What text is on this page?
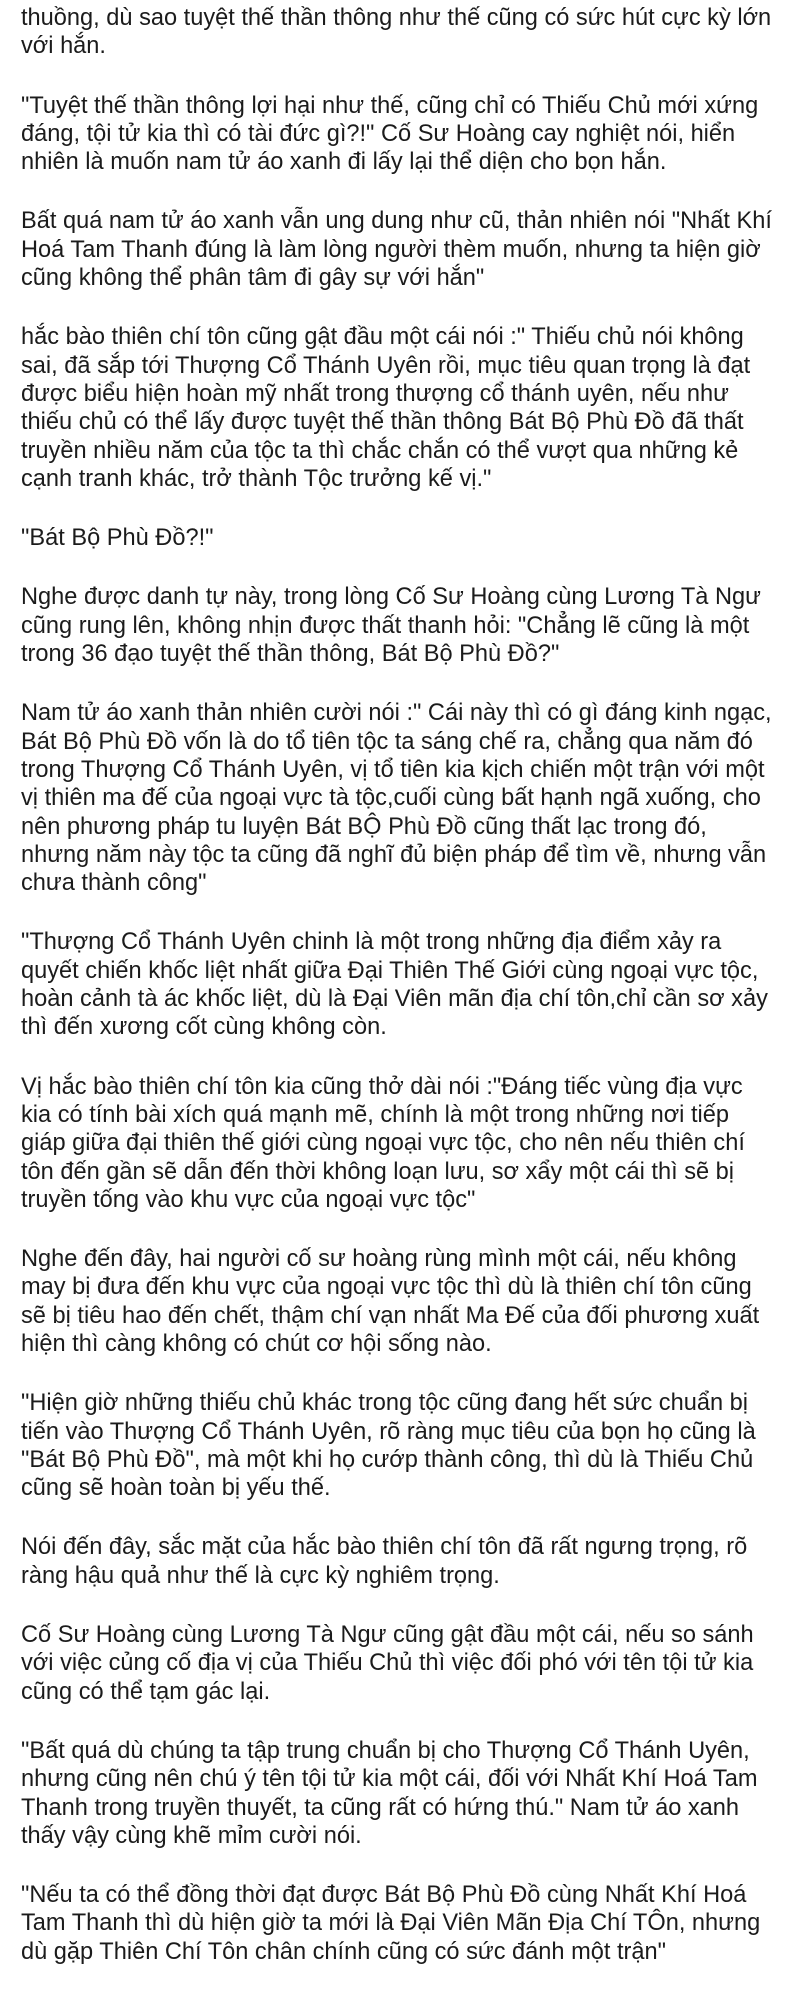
thuồng, dù sao tuyệt thế thần thông như thế cũng có sức hút cực kỳ lớn
với hắn.

"Tuyệt thế thần thông lợi hại như thế, cũng chỉ có Thiếu Chủ mới xứng
đáng, tội tử kia thì có tài đức gì?!" Cố Sư Hoàng cay nghiệt nói, hiển
nhiên là muốn nam tử áo xanh đi lấy lại thể diện cho bọn hắn.

Bất quá nam tử áo xanh vẫn ung dung như cũ, thản nhiên nói "Nhất Khí
Hoá Tam Thanh đúng là làm lòng người thèm muốn, nhưng ta hiện giờ
cũng không thể phân tâm đi gây sự với hắn"

hắc bào thiên chí tôn cũng gật đầu một cái nói :" Thiếu chủ nói không
sai, đã sắp tới Thượng Cổ Thánh Uyên rồi, mục tiêu quan trọng là đạt
được biểu hiện hoàn mỹ nhất trong thượng cổ thánh uyên, nếu như
thiếu chủ có thể lấy được tuyệt thế thần thông Bát Bộ Phù Đồ đã thất
truyền nhiều năm của tộc ta thì chắc chắn có thể vượt qua những kẻ
cạnh tranh khác, trở thành Tộc trưởng kế vị."

"Bát Bộ Phù Đồ?!"

Nghe được danh tự này, trong lòng Cố Sư Hoàng cùng Lương Tà Ngư
cũng rung lên, không nhịn được thất thanh hỏi: "Chẳng lẽ cũng là một
trong 36 đạo tuyệt thế thần thông, Bát Bộ Phù Đồ?"

Nam tử áo xanh thản nhiên cười nói :" Cái này thì có gì đáng kinh ngạc,
Bát Bộ Phù Đồ vốn là do tổ tiên tộc ta sáng chế ra, chẳng qua năm đó
trong Thượng Cổ Thánh Uyên, vị tổ tiên kia kịch chiến một trận với một
vị thiên ma đế của ngoại vực tà tộc,cuối cùng bất hạnh ngã xuống, cho
nên phương pháp tu luyện Bát BỘ Phù Đồ cũng thất lạc trong đó,
nhưng năm này tộc ta cũng đã nghĩ đủ biện pháp để tìm về, nhưng vẫn
chưa thành công"

"Thượng Cổ Thánh Uyên chinh là một trong những địa điểm xảy ra
quyết chiến khốc liệt nhất giữa Đại Thiên Thế Giới cùng ngoại vực tộc,
hoàn cảnh tà ác khốc liệt, dù là Đại Viên mãn địa chí tôn,chỉ cần sơ xảy
thì đến xương cốt cùng không còn.

Vị hắc bào thiên chí tôn kia cũng thở dài nói :"Đáng tiếc vùng địa vực
kia có tính bài xích quá mạnh mẽ, chính là một trong những nơi tiếp
giáp giữa đại thiên thế giới cùng ngoại vực tộc, cho nên nếu thiên chí
tôn đến gần sẽ dẫn đến thời không loạn lưu, sơ xẩy một cái thì sẽ bị
truyền tống vào khu vực của ngoại vực tộc"

Nghe đến đây, hai người cố sư hoàng rùng mình một cái, nếu không
may bị đưa đến khu vực của ngoại vực tộc thì dù là thiên chí tôn cũng
sẽ bị tiêu hao đến chết, thậm chí vạn nhất Ma Đế của đối phương xuất
hiện thì càng không có chút cơ hội sống nào.

"Hiện giờ những thiếu chủ khác trong tộc cũng đang hết sức chuẩn bị
tiến vào Thượng Cổ Thánh Uyên, rõ ràng mục tiêu của bọn họ cũng là
"Bát Bộ Phù Đồ", mà một khi họ cướp thành công, thì dù là Thiếu Chủ
cũng sẽ hoàn toàn bị yếu thế.

Nói đến đây, sắc mặt của hắc bào thiên chí tôn đã rất ngưng trọng, rõ
ràng hậu quả như thế là cực kỳ nghiêm trọng.

Cố Sư Hoàng cùng Lương Tà Ngư cũng gật đầu một cái, nếu so sánh
với việc củng cố địa vị của Thiếu Chủ thì việc đối phó với tên tội tử kia
cũng có thể tạm gác lại.

"Bất quá dù chúng ta tập trung chuẩn bị cho Thượng Cổ Thánh Uyên,
nhưng cũng nên chú ý tên tội tử kia một cái, đối với Nhất Khí Hoá Tam
Thanh trong truyền thuyết, ta cũng rất có hứng thú." Nam tử áo xanh
thấy vậy cùng khẽ mỉm cười nói.

"Nếu ta có thể đồng thời đạt được Bát Bộ Phù Đồ cùng Nhất Khí Hoá
Tam Thanh thì dù hiện giờ ta mới là Đại Viên Mãn Địa Chí TÔn, nhưng
dù gặp Thiên Chí Tôn chân chính cũng có sức đánh một trận"
